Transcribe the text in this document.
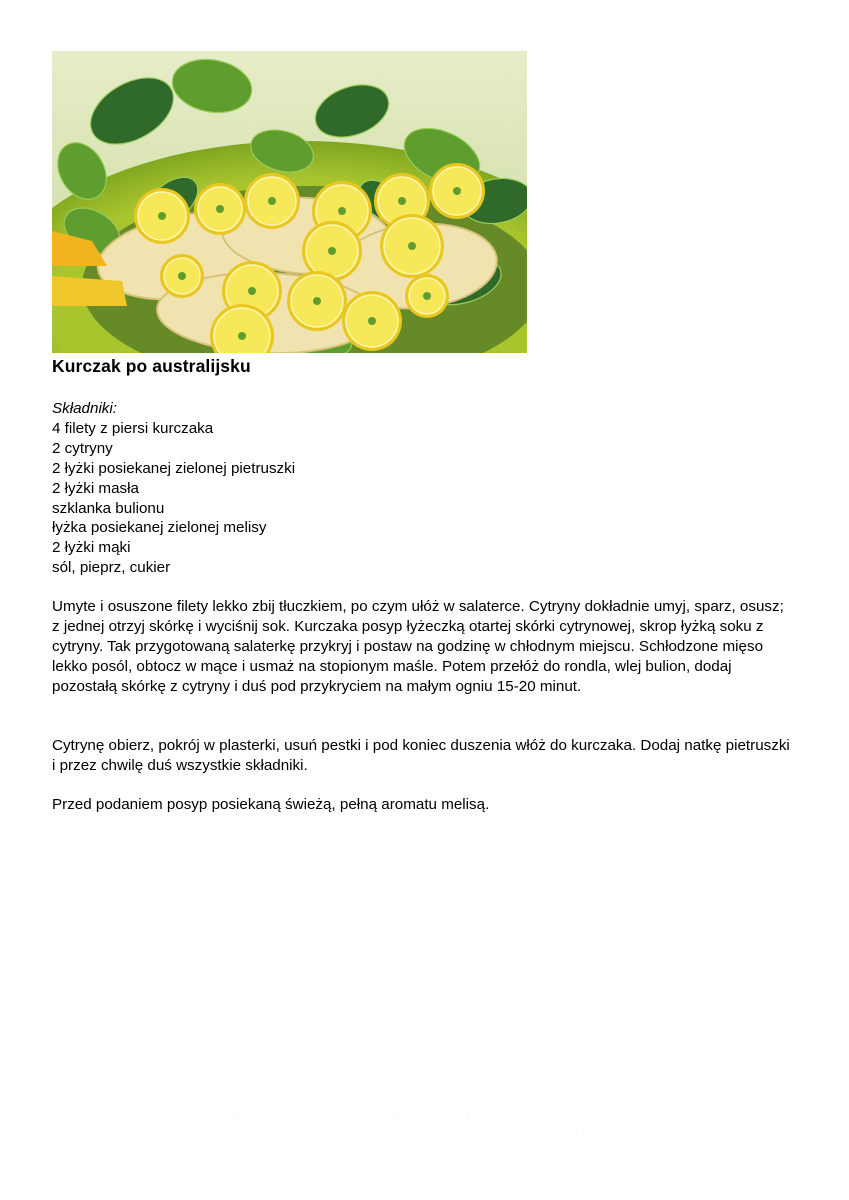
Kurczak po australijsku
Składniki:
4 filety z piersi kurczaka
2 cytryny
2 łyżki posiekanej zielonej pietruszki
2 łyżki masła
szklanka bulionu
łyżka posiekanej zielonej melisy
2 łyżki mąki
sól, pieprz, cukier

Umyte i osuszone filety lekko zbij tłuczkiem, po czym ułóż w salaterce. Cytryny dokładnie umyj, sparz, osusz; z jednej otrzyj skórkę i wyciśnij sok. Kurczaka posyp łyżeczką otartej skórki cytrynowej, skrop łyżką soku z cytryny. Tak przygotowaną salaterkę przykryj i postaw na godzinę w chłodnym miejscu. Schłodzone mięso lekko posól, obtocz w mące i usmaż na stopionym maśle. Potem przełóż do rondla, wlej bulion, dodaj pozostałą skórkę z cytryny i duś pod przykryciem na małym ogniu 15-20 minut.

Cytrynę obierz, pokrój w plasterki, usuń pestki i pod koniec duszenia włóż do kurczaka. Dodaj natkę pietruszki i przez chwilę duś wszystkie składniki.

Przed podaniem posyp posiekaną świeżą, pełną aromatu melisą.

wedlinydomowe.pl
